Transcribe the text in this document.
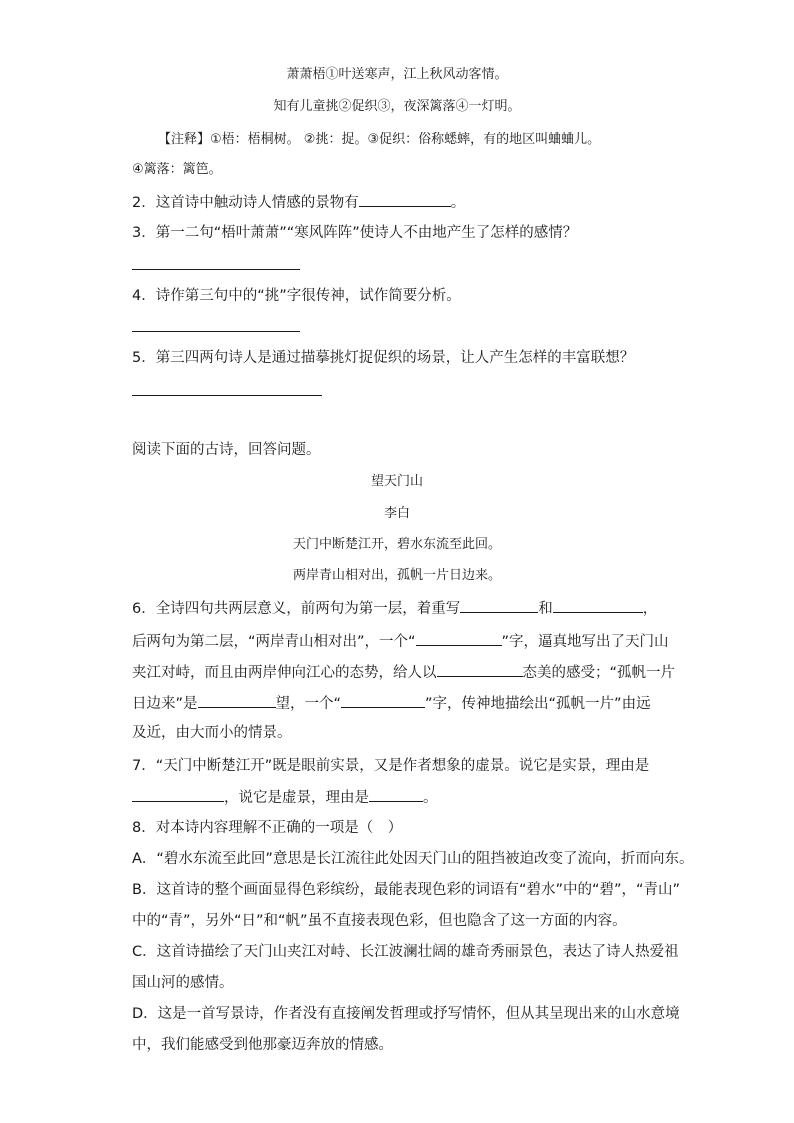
萧萧梧①叶送寒声，江上秋风动客情。
知有儿童挑②促织③，夜深篱落④一灯明。
【注释】①梧：梧桐树。 ②挑：捉。③促织：俗称蟋蟀，有的地区叫蛐蛐儿。
④篱落：篱笆。
2．这首诗中触动诗人情感的景物有	。
3．第一二句“梧叶萧萧”“寒风阵阵”使诗人不由地产生了怎样的感情？
4．诗作第三句中的“挑”字很传神，试作简要分析。
5．第三四两句诗人是通过描摹挑灯捉促织的场景，让人产生怎样的丰富联想？
阅读下面的古诗，回答问题。
望天门山
李白
天门中断楚江开，碧水东流至此回。
两岸青山相对出，孤帆一片日边来。
6．全诗四句共两层意义，前两句为第一层，着重写	和	，
后两句为第二层，“两岸青山相对出”，一个“	”字，逼真地写出了天门山
夹江对峙，而且由两岸伸向江心的态势，给人以	态美的感受；“孤帆一片
日边来”是	望，一个“	”字，传神地描绘出“孤帆一片”由远
及近，由大而小的情景。
7．“天门中断楚江开”既是眼前实景，又是作者想象的虚景。说它是实景，理由是
，说它是虚景，理由是	。
8．对本诗内容理解不正确的一项是（　）
A．“碧水东流至此回”意思是长江流往此处因天门山的阻挡被迫改变了流向，折而向东。
B．这首诗的整个画面显得色彩缤纷，最能表现色彩的词语有“碧水”中的“碧”，“青山”
中的“青”，另外“日”和“帆”虽不直接表现色彩，但也隐含了这一方面的内容。
C．这首诗描绘了天门山夹江对峙、长江波澜壮阔的雄奇秀丽景色，表达了诗人热爱祖
国山河的感情。
D．这是一首写景诗，作者没有直接阐发哲理或抒写情怀，但从其呈现出来的山水意境
中，我们能感受到他那豪迈奔放的情感。
